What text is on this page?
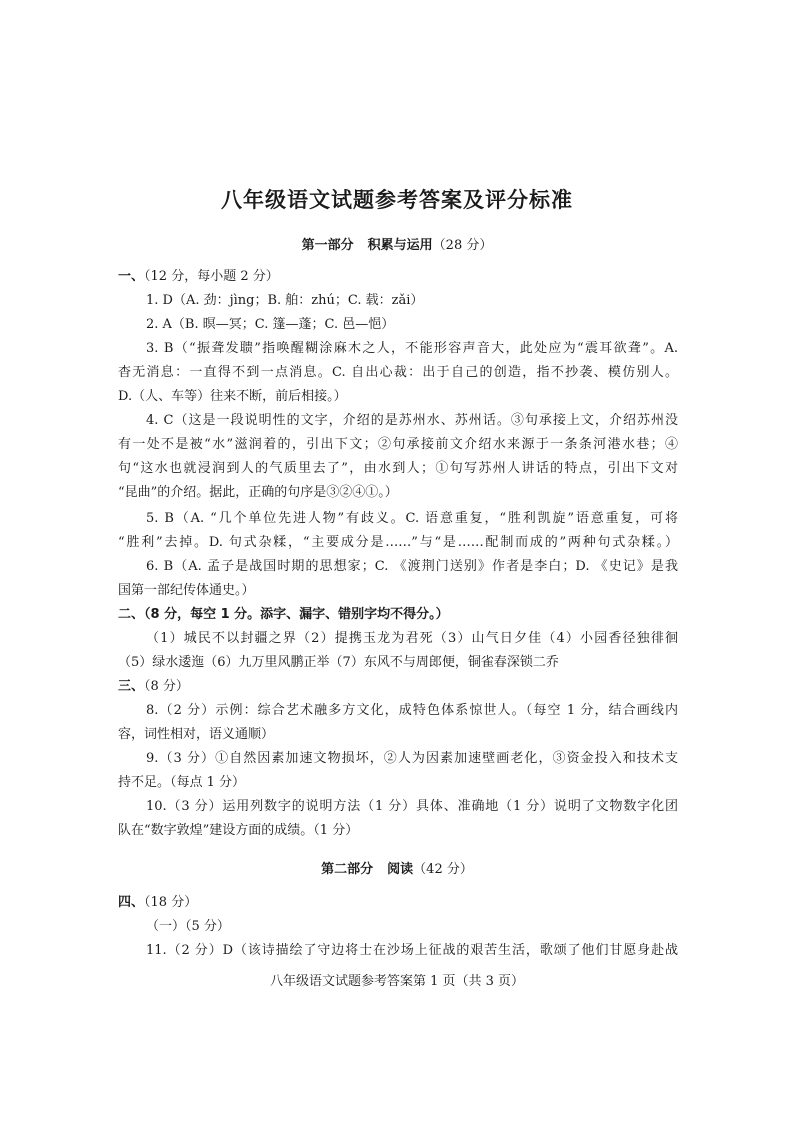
八年级语文试题参考答案及评分标准
第一部分 积累与运用（28 分）
一、（12 分，每小题 2 分）
1. D（A. 劲：jìng；B. 舶：zhú；C. 载：zǎi）
2. A（B. 暝—冥；C. 篷—蓬；C. 邑—悒）
3. B（“振聋发聩”指唤醒糊涂麻木之人，不能形容声音大，此处应为“震耳欲聋”。A.
杳无消息：一直得不到一点消息。C. 自出心裁：出于自己的创造，指不抄袭、模仿别人。
D.（人、车等）往来不断，前后相接。）
4. C（这是一段说明性的文字，介绍的是苏州水、苏州话。③句承接上文，介绍苏州没
有一处不是被“水”滋润着的，引出下文；②句承接前文介绍水来源于一条条河港水巷；④
句“这水也就浸润到人的气质里去了”，由水到人；①句写苏州人讲话的特点，引出下文对
“昆曲”的介绍。据此，正确的句序是③②④①。）
5. B（A. “几个单位先进人物”有歧义。C. 语意重复，“胜利凯旋”语意重复，可将
“胜利”去掉。D. 句式杂糅，“主要成分是……”与“是……配制而成的”两种句式杂糅。）
6. B（A. 孟子是战国时期的思想家；C. 《渡荆门送别》作者是李白；D. 《史记》是我
国第一部纪传体通史。）
二、（8 分，每空 1 分。添字、漏字、错别字均不得分。）
（1）城民不以封疆之界（2）提携玉龙为君死（3）山气日夕佳（4）小园香径独徘徊
（5）绿水逶迤（6）九万里风鹏正举（7）东风不与周郎便，铜雀春深锁二乔
三、（8 分）
8.（2 分）示例：综合艺术融多方文化，成特色体系惊世人。（每空 1 分，结合画线内
容，词性相对，语义通顺）
9.（3 分）①自然因素加速文物损坏，②人为因素加速壁画老化，③资金投入和技术支
持不足。（每点 1 分）
10.（3 分）运用列数字的说明方法（1 分）具体、准确地（1 分）说明了文物数字化团
队在“数字敦煌”建设方面的成绩。（1 分）
第二部分 阅读（42 分）
四、（18 分）
（一）（5 分）
11.（2 分）D（该诗描绘了守边将士在沙场上征战的艰苦生活，歌颂了他们甘愿身赴战
八年级语文试题参考答案第 1 页（共 3 页）
